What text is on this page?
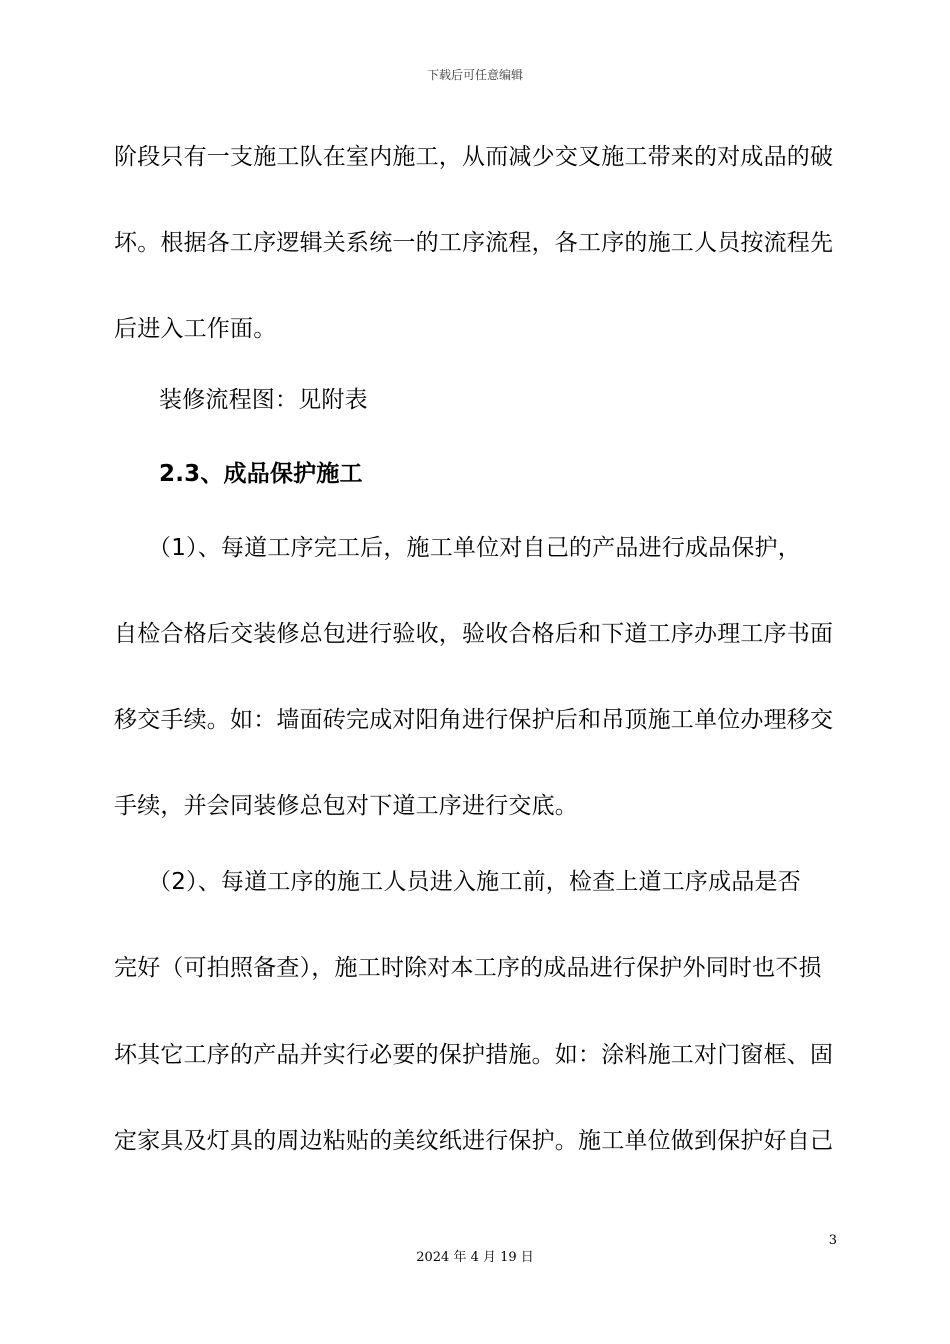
下载后可任意编辑
阶段只有一支施工队在室内施工，从而减少交叉施工带来的对成品的破
坏。根据各工序逻辑关系统一的工序流程，各工序的施工人员按流程先
后进入工作面。
装修流程图：见附表
2.3、成品保护施工
（1）、每道工序完工后，施工单位对自己的产品进行成品保护，
自检合格后交装修总包进行验收，验收合格后和下道工序办理工序书面
移交手续。如：墙面砖完成对阳角进行保护后和吊顶施工单位办理移交
手续，并会同装修总包对下道工序进行交底。
（2）、每道工序的施工人员进入施工前，检查上道工序成品是否
完好（可拍照备查），施工时除对本工序的成品进行保护外同时也不损
坏其它工序的产品并实行必要的保护措施。如：涂料施工对门窗框、固
定家具及灯具的周边粘贴的美纹纸进行保护。施工单位做到保护好自己
3
2024 年 4 月 19 日
